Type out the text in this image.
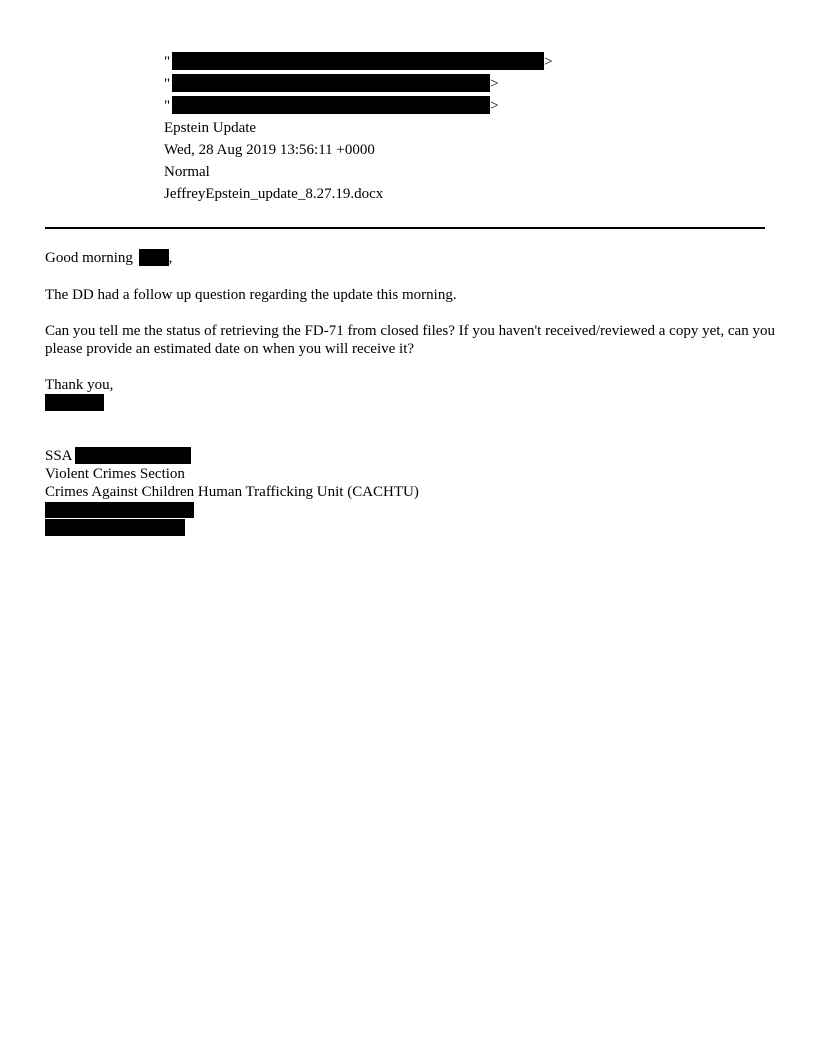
"	>
"	>
"	>
Epstein Update
Wed, 28 Aug 2019 13:56:11 +0000
Normal
JeffreyEpstein_update_8.27.19.docx
Good morning ,
The DD had a follow up question regarding the update this morning.
Can you tell me the status of retrieving the FD-71 from closed files? If you haven't received/reviewed a copy yet, can you please provide an estimated date on when you will receive it?
Thank you,
SSA
Violent Crimes Section
Crimes Against Children Human Trafficking Unit (CACHTU)
